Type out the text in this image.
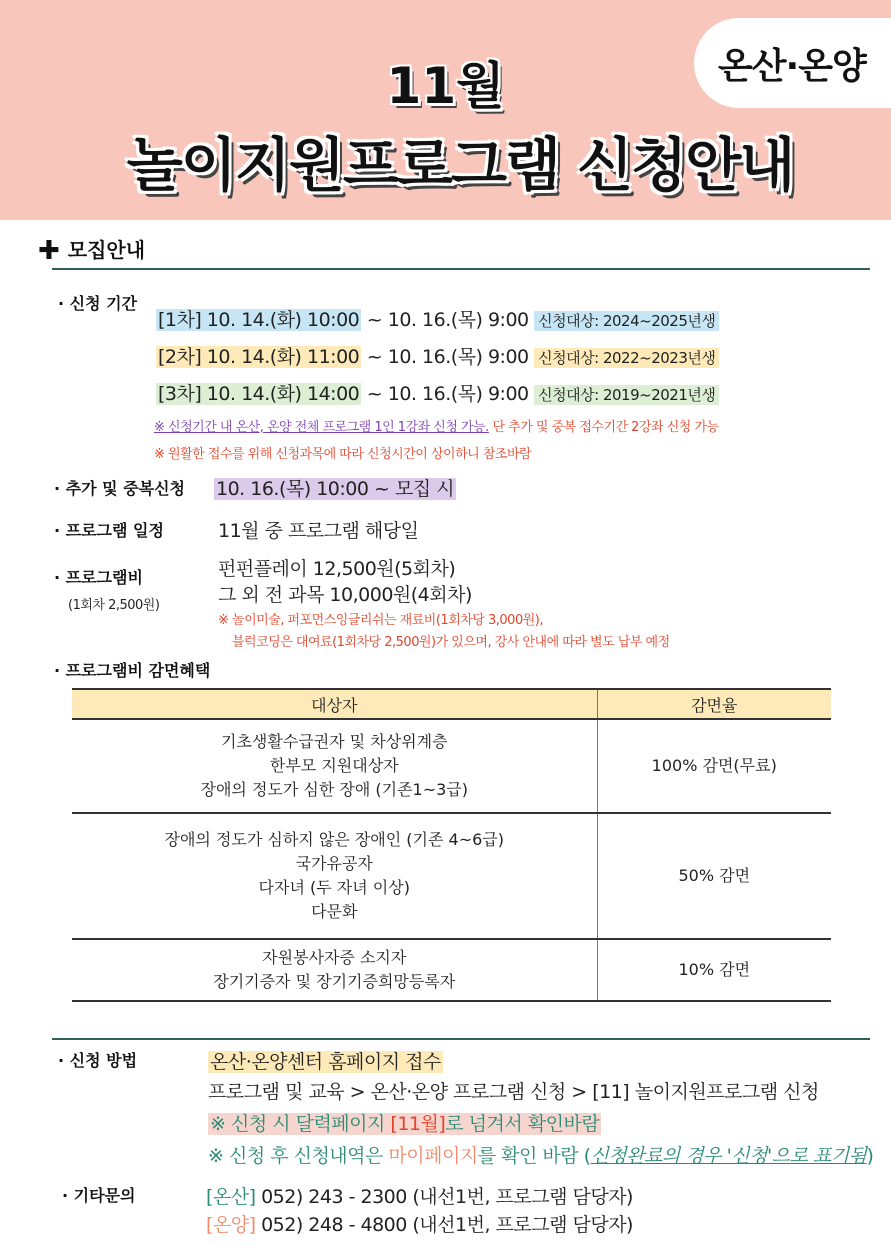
온산·온양
11월
놀이지원프로그램 신청안내
✚ 모집안내
· 신청 기간
[1차] 10. 14.(화) 10:00 ~ 10. 16.(목) 9:00 신청대상: 2024~2025년생
[2차] 10. 14.(화) 11:00 ~ 10. 16.(목) 9:00 신청대상: 2022~2023년생
[3차] 10. 14.(화) 14:00 ~ 10. 16.(목) 9:00 신청대상: 2019~2021년생
※ 신청기간 내 온산, 온양 전체 프로그램 1인 1강좌 신청 가능. 단 추가 및 중복 접수기간 2강좌 신청 가능
※ 원활한 접수를 위해 신청과목에 따라 신청시간이 상이하니 참조바람
· 추가 및 중복신청 10. 16.(목) 10:00 ~ 모집 시
· 프로그램 일정	11월 중 프로그램 해당일
· 프로그램비
(1회차 2,500원)
펀펀플레이 12,500원(5회차)
그 외 전 과목 10,000원(4회차)
※ 놀이미술, 퍼포먼스잉글리쉬는 재료비(1회차당 3,000원),
블럭코딩은 대여료(1회차당 2,500원)가 있으며, 강사 안내에 따라 별도 납부 예정
· 프로그램비 감면혜택
대상자	감면율

기초생활수급권자 및 차상위계층
한부모 지원대상자
장애의 정도가 심한 장애 (기존1~3급)	100% 감면(무료)

장애의 정도가 심하지 않은 장애인 (기존 4~6급)
국가유공자
다자녀 (두 자녀 이상)
다문화	50% 감면

자원봉사자증 소지자
장기기증자 및 장기기증희망등록자	10% 감면
· 신청 방법	온산·온양센터 홈페이지 접수
프로그램 및 교육 > 온산·온양 프로그램 신청 > [11] 놀이지원프로그램 신청
※ 신청 시 달력페이지 [11월]로 넘겨서 확인바람
※ 신청 후 신청내역은 마이페이지를 확인 바람 (신청완료의 경우 '신청'으로 표기됨)
· 기타문의	[온산] 052) 243 - 2300 (내선1번, 프로그램 담당자)
[온양] 052) 248 - 4800 (내선1번, 프로그램 담당자)
